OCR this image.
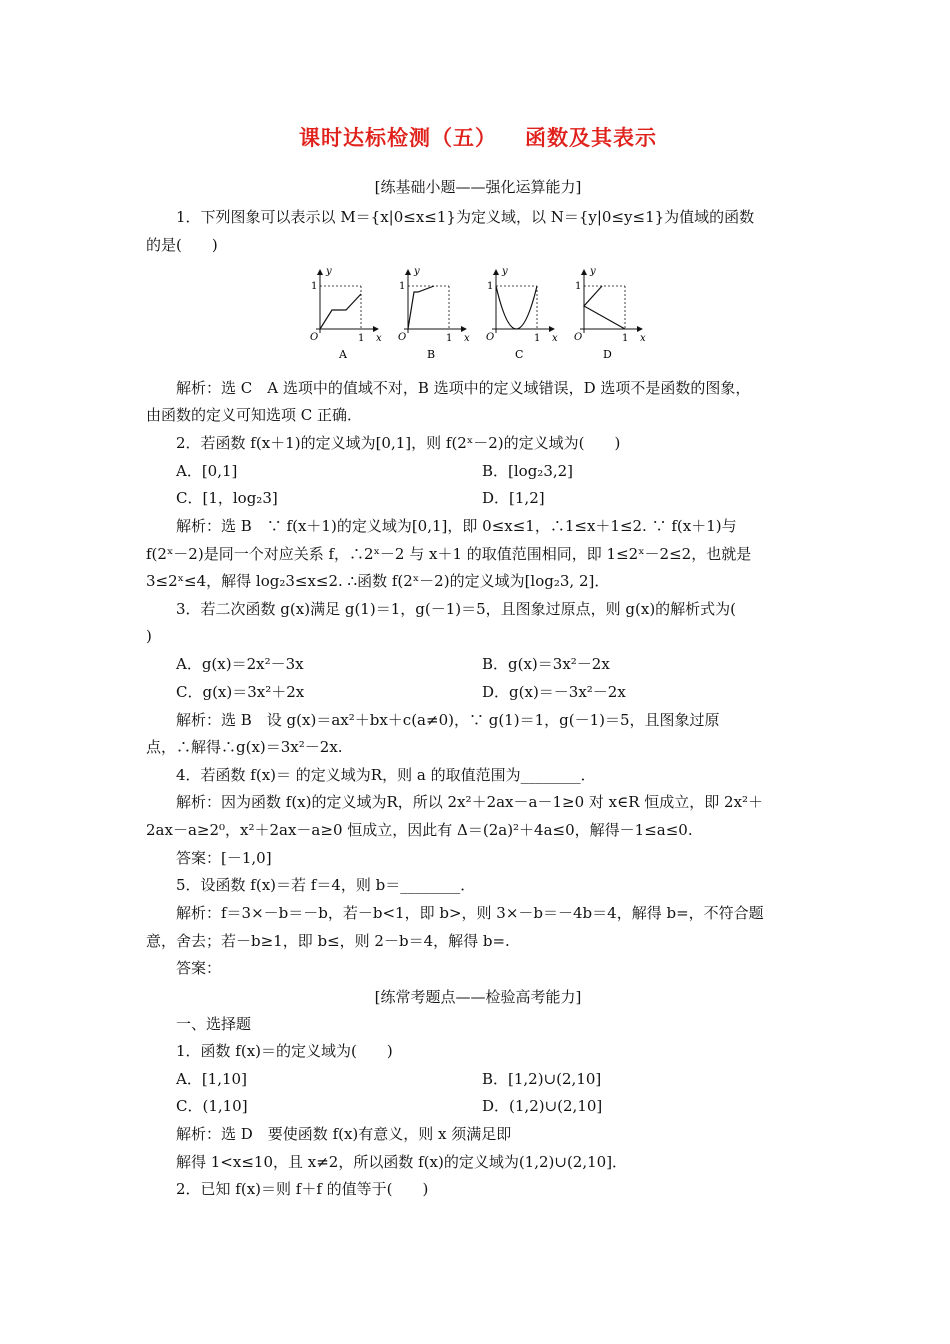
课时达标检测（五） 函数及其表示
[练基础小题——强化运算能力]
1．下列图象可以表示以 M＝{x|0≤x≤1}为定义域，以 N＝{y|0≤y≤1}为值域的函数
的是(　　)
y
1
O	1 x
A
y
1
O	1 x
B
y
1
O	1 x
C
y
1
O	1 x
D
解析：选 C　A 选项中的值域不对，B 选项中的定义域错误，D 选项不是函数的图象，
由函数的定义可知选项 C 正确．
2．若函数 f(x＋1)的定义域为[0,1]，则 f(2ˣ－2)的定义域为(　　)
A．[0,1]	B．[log₂3,2]
C．[1，log₂3]	D．[1,2]
解析：选 B　∵ f(x＋1)的定义域为[0,1]，即 0≤x≤1，∴1≤x＋1≤2. ∵ f(x＋1)与
f(2ˣ－2)是同一个对应关系 f，∴2ˣ－2 与 x＋1 的取值范围相同，即 1≤2ˣ－2≤2，也就是
3≤2ˣ≤4，解得 log₂3≤x≤2. ∴函数 f(2ˣ－2)的定义域为[log₂3, 2]．
3．若二次函数 g(x)满足 g(1)＝1，g(－1)＝5，且图象过原点，则 g(x)的解析式为(
)
A．g(x)＝2x²－3x	B．g(x)＝3x²－2x
C．g(x)＝3x²＋2x	D．g(x)＝－3x²－2x
解析：选 B　设 g(x)＝ax²＋bx＋c(a≠0)，∵ g(1)＝1，g(－1)＝5，且图象过原
点，∴解得∴g(x)＝3x²－2x.
4．若函数 f(x)＝ 的定义域为R，则 a 的取值范围为________．
解析：因为函数 f(x)的定义域为R，所以 2x²＋2ax－a－1≥0 对 x∈R 恒成立，即 2x²＋
2ax－a≥2⁰，x²＋2ax－a≥0 恒成立，因此有 Δ＝(2a)²＋4a≤0，解得－1≤a≤0.
答案：[－1,0]
5．设函数 f(x)＝若 f＝4，则 b＝________．
解析：f＝3×－b＝－b，若－b<1，即 b>，则 3×－b＝－4b＝4，解得 b=，不符合题
意，舍去；若－b≥1，即 b≤，则 2－b＝4，解得 b=.
答案：
[练常考题点——检验高考能力]
一、选择题
1．函数 f(x)＝的定义域为(　　)
A．[1,10]	B．[1,2)∪(2,10]
C．(1,10]	D．(1,2)∪(2,10]
解析：选 D　要使函数 f(x)有意义，则 x 须满足即
解得 1<x≤10，且 x≠2，所以函数 f(x)的定义域为(1,2)∪(2,10]．
2．已知 f(x)＝则 f＋f 的值等于(　　)
